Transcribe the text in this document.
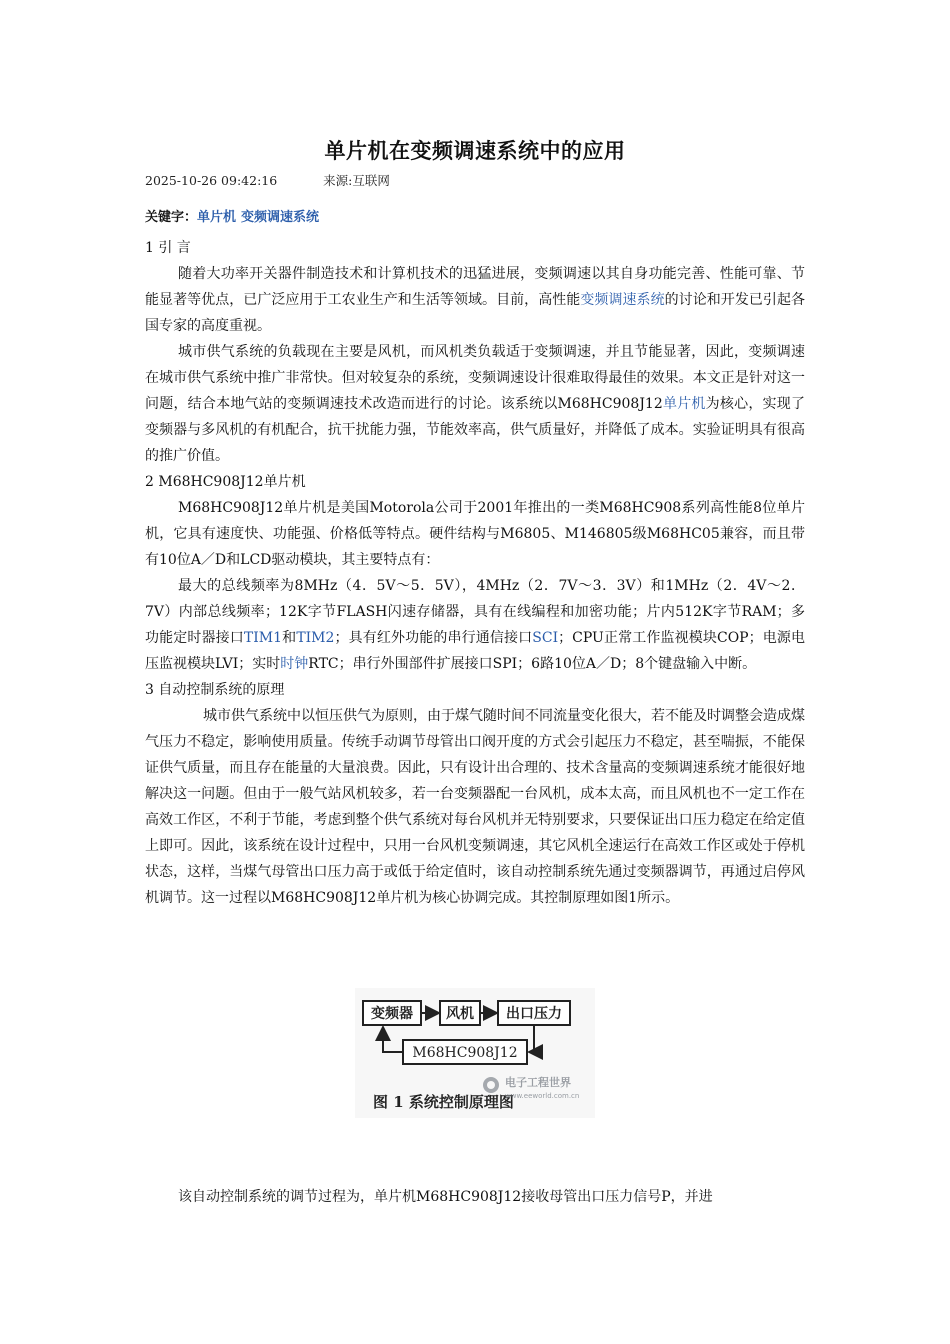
单片机在变频调速系统中的应用
2025-10-26 09:42:16	来源:互联网
关键字：单片机 变频调速系统

1 引 言

随着大功率开关器件制造技术和计算机技术的迅猛进展，变频调速以其自身功能完善、性能可靠、节能显著等优点，已广泛应用于工农业生产和生活等领域。目前，高性能变频调速系统的讨论和开发已引起各国专家的高度重视。

城市供气系统的负载现在主要是风机，而风机类负载适于变频调速，并且节能显著，因此，变频调速在城市供气系统中推广非常快。但对较复杂的系统，变频调速设计很难取得最佳的效果。本文正是针对这一问题，结合本地气站的变频调速技术改造而进行的讨论。该系统以M68HC908J12单片机为核心，实现了变频器与多风机的有机配合，抗干扰能力强，节能效率高，供气质量好，并降低了成本。实验证明具有很高的推广价值。

2 M68HC908J12单片机

M68HC908J12单片机是美国Motorola公司于2001年推出的一类M68HC908系列高性能8位单片机，它具有速度快、功能强、价格低等特点。硬件结构与M6805、M146805级M68HC05兼容，而且带有10位A／D和LCD驱动模块，其主要特点有：

最大的总线频率为8MHz（4．5V～5．5V），4MHz（2．7V～3．3V）和1MHz（2．4V～2．7V）内部总线频率；12K字节FLASH闪速存储器，具有在线编程和加密功能；片内512K字节RAM；多功能定时器接口TIM1和TIM2；具有红外功能的串行通信接口SCI；CPU正常工作监视模块COP；电源电压监视模块LVI；实时时钟RTC；串行外围部件扩展接口SPI；6路10位A／D；8个键盘输入中断。

3 自动控制系统的原理

城市供气系统中以恒压供气为原则，由于煤气随时间不同流量变化很大，若不能及时调整会造成煤气压力不稳定，影响使用质量。传统手动调节母管出口阀开度的方式会引起压力不稳定，甚至喘振，不能保证供气质量，而且存在能量的大量浪费。因此，只有设计出合理的、技术含量高的变频调速系统才能很好地解决这一问题。但由于一般气站风机较多，若一台变频器配一台风机，成本太高，而且风机也不一定工作在高效工作区，不利于节能，考虑到整个供气系统对每台风机并无特别要求，只要保证出口压力稳定在给定值上即可。因此，该系统在设计过程中，只用一台风机变频调速，其它风机全速运行在高效工作区或处于停机状态，这样，当煤气母管出口压力高于或低于给定值时，该自动控制系统先通过变频器调节，再通过启停风机调节。这一过程以M68HC908J12单片机为核心协调完成。其控制原理如图1所示。

变频器 风机 出口压力
M68HC908J12
图 1 系统控制原理图
电子工程世界
www.eeworld.com.cn

该自动控制系统的调节过程为，单片机M68HC908J12接收母管出口压力信号P，并进
